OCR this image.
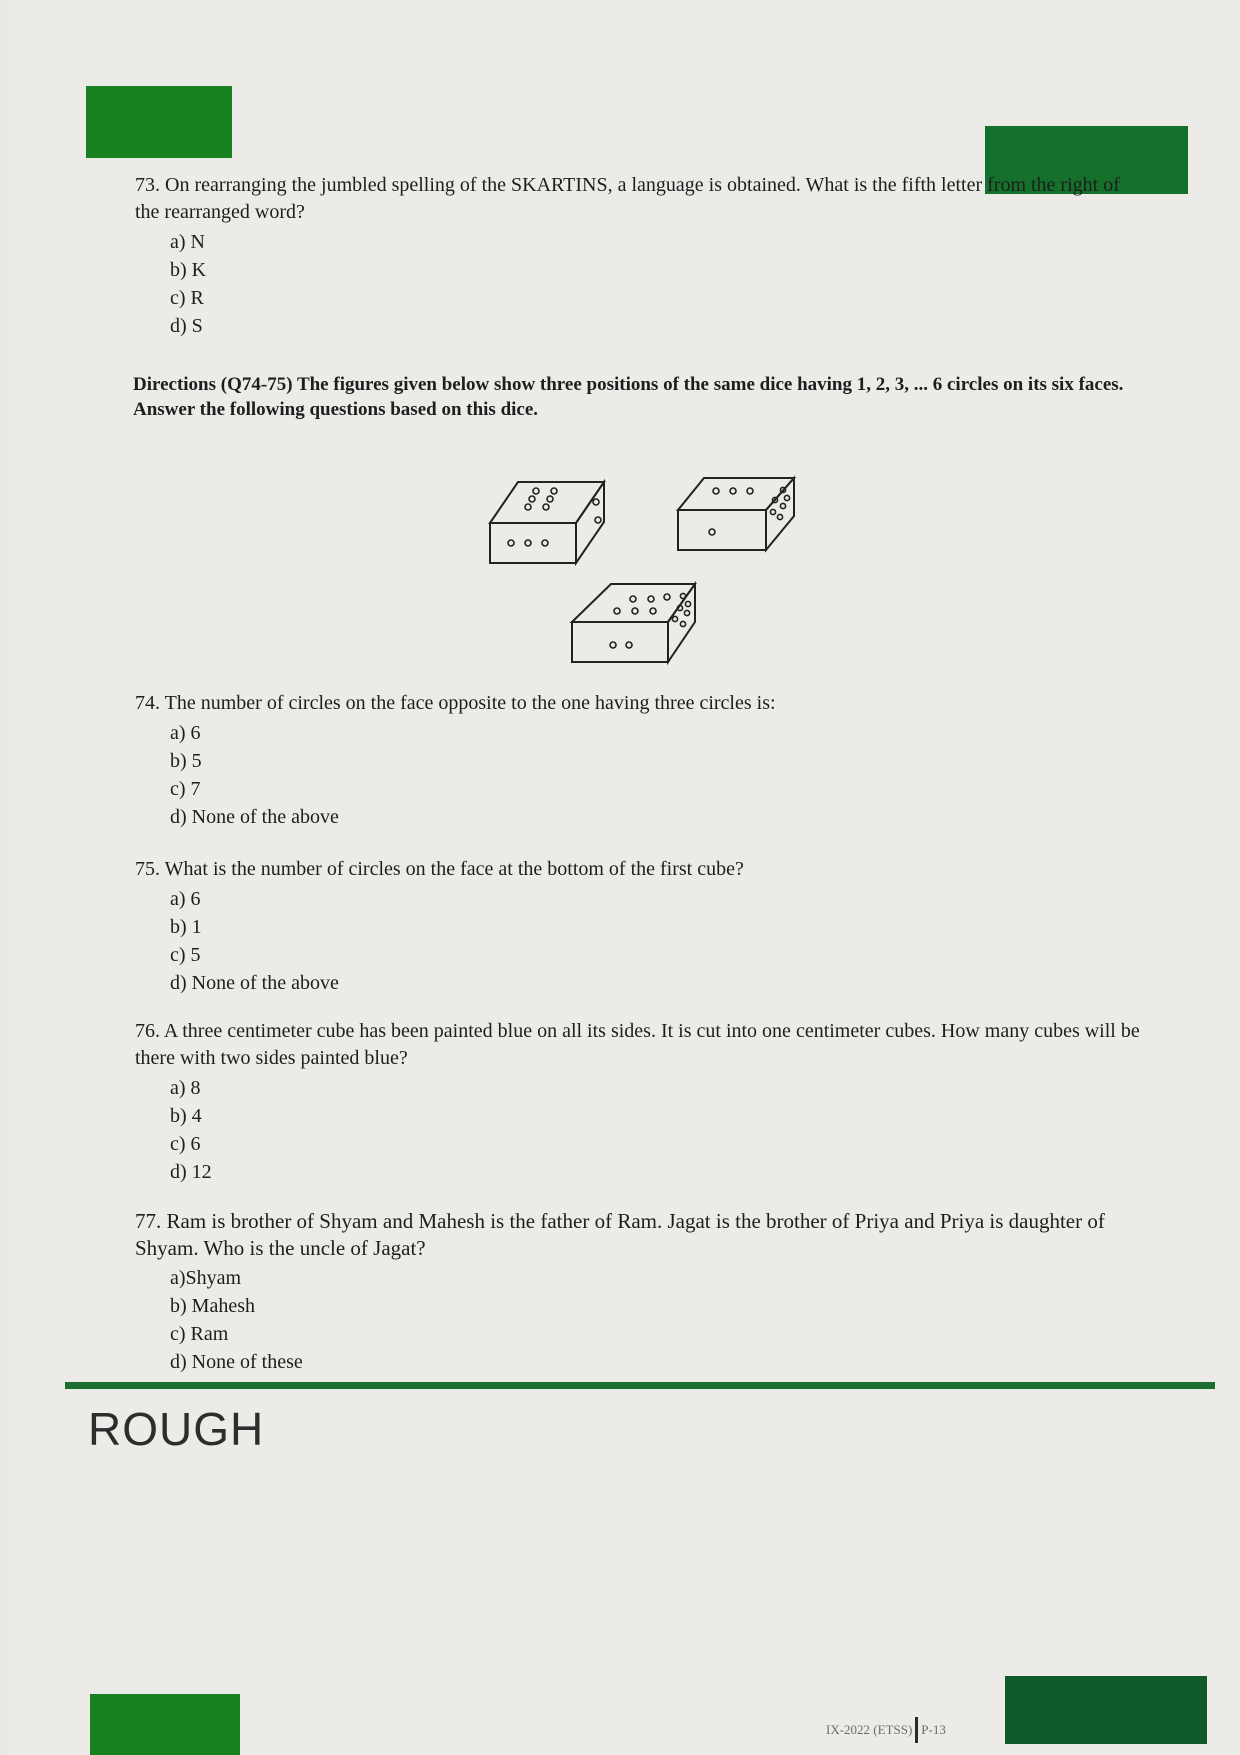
73. On rearranging the jumbled spelling of the SKARTINS, a language is obtained. What is the fifth letter from the right of the rearranged word?

a) N
b) K
c) R
d) S
Directions (Q74-75) The figures given below show three positions of the same dice having 1, 2, 3, ... 6 circles on its six faces. Answer the following questions based on this dice.

74. The number of circles on the face opposite to the one having three circles is:

a) 6
b) 5
c) 7
d) None of the above

75. What is the number of circles on the face at the bottom of the first cube?

a) 6
b) 1
c) 5
d) None of the above

76. A three centimeter cube has been painted blue on all its sides. It is cut into one centimeter cubes. How many cubes will be there with two sides painted blue?

a) 8
b) 4
c) 6
d) 12

77. Ram is brother of Shyam and Mahesh is the father of Ram. Jagat is the brother of Priya and Priya is daughter of Shyam. Who is the uncle of Jagat?

a)Shyam
b) Mahesh
c) Ram
d) None of these
ROUGH
IX-2022 (ETSS) P-13
